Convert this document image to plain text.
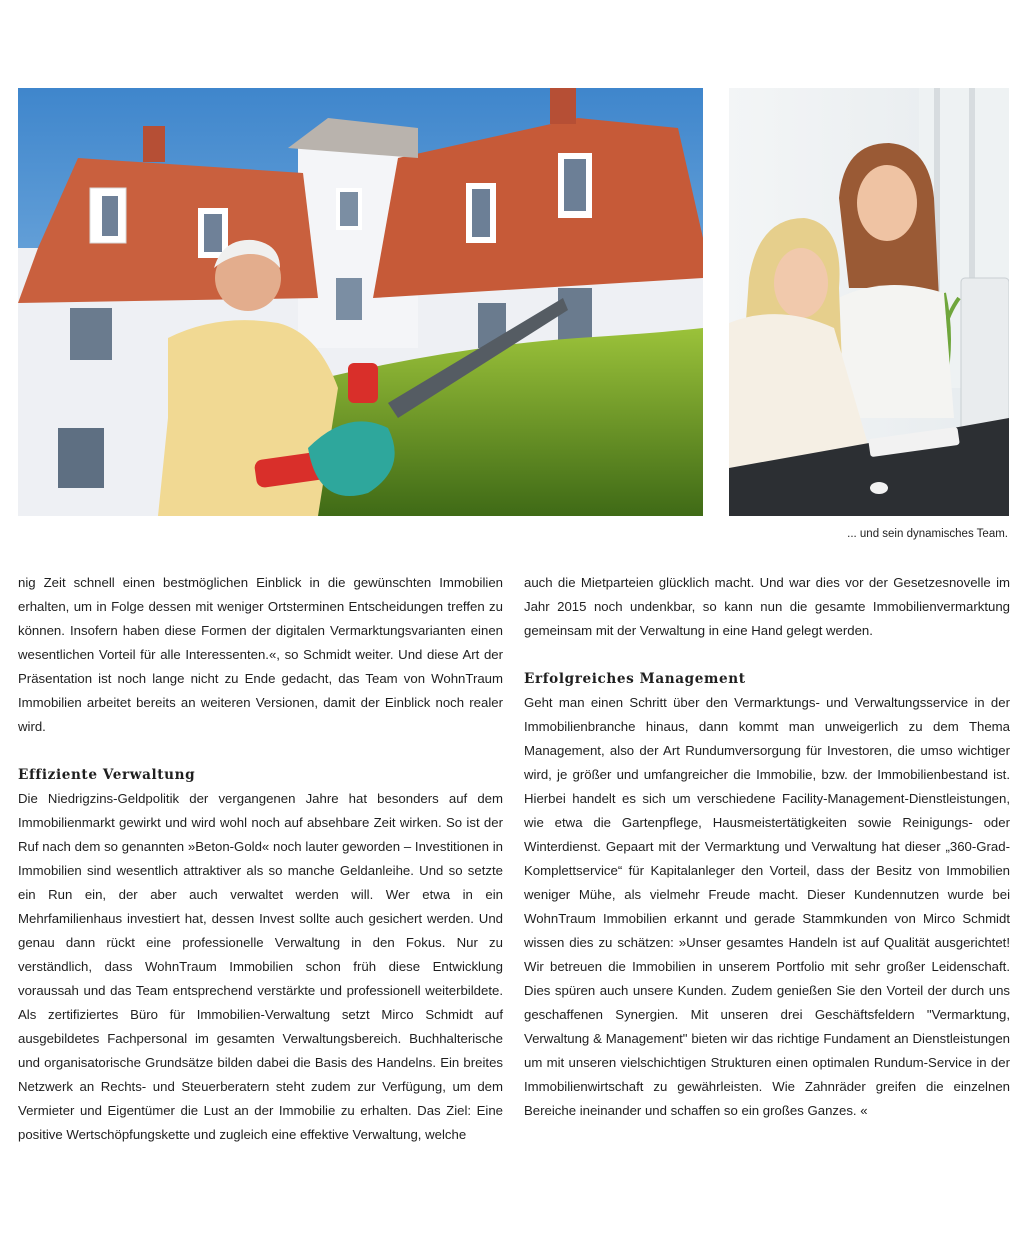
... und sein dynamisches Team.

nig Zeit schnell einen bestmöglichen Einblick in die gewünschten Immobilien erhalten, um in Folge dessen mit weniger Ortsterminen Entscheidungen treffen zu können. Insofern haben diese Formen der digitalen Vermarktungsvarianten einen wesentlichen Vorteil für alle Interessenten.«, so Schmidt weiter. Und diese Art der Präsentation ist noch lange nicht zu Ende gedacht, das Team von WohnTraum Immobilien arbeitet bereits an weiteren Versionen, damit der Einblick noch realer wird.

Effiziente Verwaltung

Die Niedrigzins-Geldpolitik der vergangenen Jahre hat besonders auf dem Immobilienmarkt gewirkt und wird wohl noch auf absehbare Zeit wirken. So ist der Ruf nach dem so genannten »Beton-Gold« noch lauter geworden – Investitionen in Immobilien sind wesentlich attraktiver als so manche Geldanleihe. Und so setzte ein Run ein, der aber auch verwaltet werden will. Wer etwa in ein Mehrfamilienhaus investiert hat, dessen Invest sollte auch gesichert werden. Und genau dann rückt eine professionelle Verwaltung in den Fokus. Nur zu verständlich, dass WohnTraum Immobilien schon früh diese Entwicklung voraussah und das Team entsprechend verstärkte und professionell weiterbildete. Als zertifiziertes Büro für Immobilien-Verwaltung setzt Mirco Schmidt auf ausgebildetes Fachpersonal im gesamten Verwaltungsbereich. Buchhalterische und organisatorische Grundsätze bilden dabei die Basis des Handelns. Ein breites Netzwerk an Rechts- und Steuerberatern steht zudem zur Verfügung, um dem Vermieter und Eigentümer die Lust an der Immobilie zu erhalten. Das Ziel: Eine positive Wertschöpfungskette und zugleich eine effektive Verwaltung, welche

auch die Mietparteien glücklich macht. Und war dies vor der Gesetzesnovelle im Jahr 2015 noch undenkbar, so kann nun die gesamte Immobilienvermarktung gemeinsam mit der Verwaltung in eine Hand gelegt werden.

Erfolgreiches Management

Geht man einen Schritt über den Vermarktungs- und Verwaltungsservice in der Immobilienbranche hinaus, dann kommt man unweigerlich zu dem Thema Management, also der Art Rundumversorgung für Investoren, die umso wichtiger wird, je größer und umfangreicher die Immobilie, bzw. der Immobilienbestand ist. Hierbei handelt es sich um verschiedene Facility-Management-Dienstleistungen, wie etwa die Gartenpflege, Hausmeistertätigkeiten sowie Reinigungs- oder Winterdienst. Gepaart mit der Vermarktung und Verwaltung hat dieser „360-Grad-Komplettservice“ für Kapitalanleger den Vorteil, dass der Besitz von Immobilien weniger Mühe, als vielmehr Freude macht. Dieser Kundennutzen wurde bei WohnTraum Immobilien erkannt und gerade Stammkunden von Mirco Schmidt wissen dies zu schätzen: »Unser gesamtes Handeln ist auf Qualität ausgerichtet! Wir betreuen die Immobilien in unserem Portfolio mit sehr großer Leidenschaft. Dies spüren auch unsere Kunden. Zudem genießen Sie den Vorteil der durch uns geschaffenen Synergien. Mit unseren drei Geschäftsfeldern "Vermarktung, Verwaltung & Management" bieten wir das richtige Fundament an Dienstleistungen um mit unseren vielschichtigen Strukturen einen optimalen Rundum-Service in der Immobilienwirtschaft zu gewährleisten. Wie Zahnräder greifen die einzelnen Bereiche ineinander und schaffen so ein großes Ganzes. «
